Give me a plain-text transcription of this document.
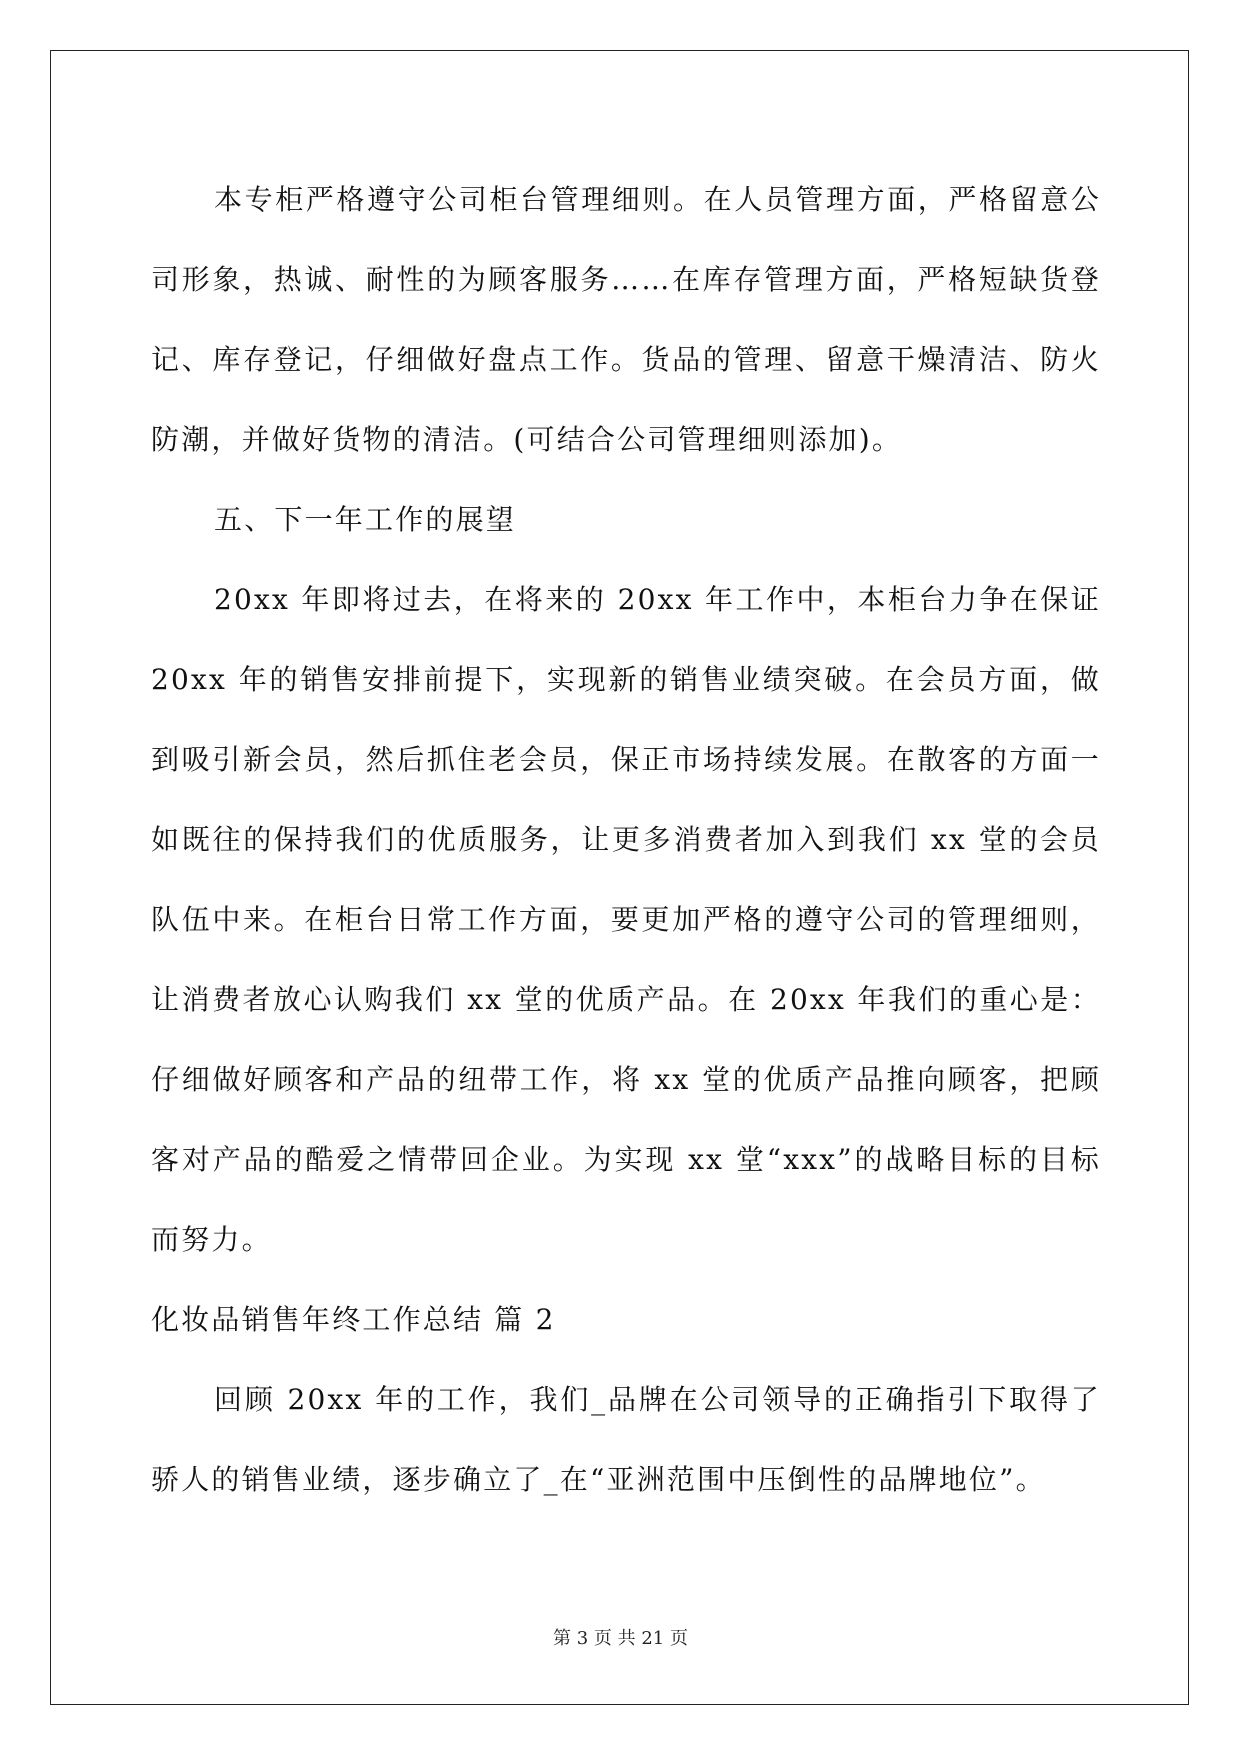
本专柜严格遵守公司柜台管理细则。在人员管理方面，严格留意公司形象，热诚、耐性的为顾客服务……在库存管理方面，严格短缺货登记、库存登记，仔细做好盘点工作。货品的管理、留意干燥清洁、防火防潮，并做好货物的清洁。(可结合公司管理细则添加)。

五、下一年工作的展望

20xx 年即将过去，在将来的 20xx 年工作中，本柜台力争在保证 20xx 年的销售安排前提下，实现新的销售业绩突破。在会员方面，做到吸引新会员，然后抓住老会员，保正市场持续发展。在散客的方面一如既往的保持我们的优质服务，让更多消费者加入到我们 xx 堂的会员队伍中来。在柜台日常工作方面，要更加严格的遵守公司的管理细则，让消费者放心认购我们 xx 堂的优质产品。在 20xx 年我们的重心是：仔细做好顾客和产品的纽带工作，将 xx 堂的优质产品推向顾客，把顾客对产品的酷爱之情带回企业。为实现 xx 堂“xxx”的战略目标的目标而努力。

化妆品销售年终工作总结 篇 2

回顾 20xx 年的工作，我们_品牌在公司领导的正确指引下取得了骄人的销售业绩，逐步确立了_在“亚洲范围中压倒性的品牌地位”。

第 3 页 共 21 页
